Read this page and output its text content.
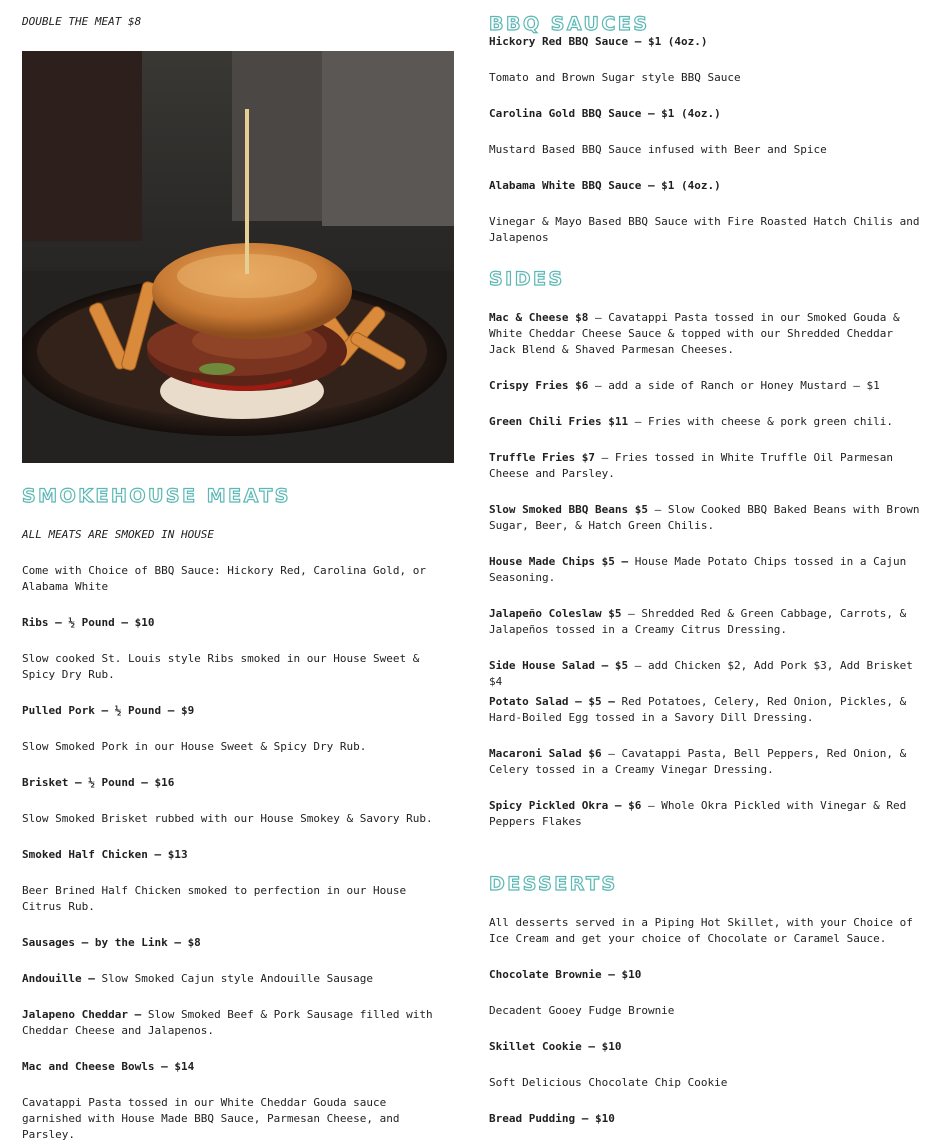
DOUBLE THE MEAT $8

SMOKEHOUSE MEATS

ALL MEATS ARE SMOKED IN HOUSE

Come with Choice of BBQ Sauce: Hickory Red, Carolina Gold, or Alabama White

Ribs – ½ Pound – $10

Slow cooked St. Louis style Ribs smoked in our House Sweet & Spicy Dry Rub.

Pulled Pork – ½ Pound – $9

Slow Smoked Pork in our House Sweet & Spicy Dry Rub.

Brisket – ½ Pound – $16

Slow Smoked Brisket rubbed with our House Smokey & Savory Rub.

Smoked Half Chicken – $13

Beer Brined Half Chicken smoked to perfection in our House Citrus Rub.

Sausages – by the Link – $8

Andouille – Slow Smoked Cajun style Andouille Sausage

Jalapeno Cheddar – Slow Smoked Beef & Pork Sausage filled with Cheddar Cheese and Jalapenos.

Mac and Cheese Bowls – $14

Cavatappi Pasta tossed in our White Cheddar Gouda sauce garnished with House Made BBQ Sauce, Parmesan Cheese, and Parsley.

BBQ SAUCES

Hickory Red BBQ Sauce – $1 (4oz.)

Tomato and Brown Sugar style BBQ Sauce

Carolina Gold BBQ Sauce – $1 (4oz.)

Mustard Based BBQ Sauce infused with Beer and Spice

Alabama White BBQ Sauce – $1 (4oz.)

Vinegar & Mayo Based BBQ Sauce with Fire Roasted Hatch Chilis and Jalapenos

SIDES

Mac & Cheese $8 – Cavatappi Pasta tossed in our Smoked Gouda & White Cheddar Cheese Sauce & topped with our Shredded Cheddar Jack Blend & Shaved Parmesan Cheeses.

Crispy Fries $6 – add a side of Ranch or Honey Mustard – $1

Green Chili Fries $11 – Fries with cheese & pork green chili.

Truffle Fries $7 – Fries tossed in White Truffle Oil Parmesan Cheese and Parsley.

Slow Smoked BBQ Beans $5 – Slow Cooked BBQ Baked Beans with Brown Sugar, Beer, & Hatch Green Chilis.

House Made Chips $5 – House Made Potato Chips tossed in a Cajun Seasoning.

Jalapeño Coleslaw $5 – Shredded Red & Green Cabbage, Carrots, & Jalapeños tossed in a Creamy Citrus Dressing.

Side House Salad – $5 – add Chicken $2, Add Pork $3, Add Brisket $4

Potato Salad – $5 – Red Potatoes, Celery, Red Onion, Pickles, & Hard-Boiled Egg tossed in a Savory Dill Dressing.

Macaroni Salad $6 – Cavatappi Pasta, Bell Peppers, Red Onion, & Celery tossed in a Creamy Vinegar Dressing.

Spicy Pickled Okra – $6 – Whole Okra Pickled with Vinegar & Red Peppers Flakes

DESSERTS

All desserts served in a Piping Hot Skillet, with your Choice of Ice Cream and get your choice of Chocolate or Caramel Sauce.

Chocolate Brownie – $10

Decadent Gooey Fudge Brownie

Skillet Cookie – $10

Soft Delicious Chocolate Chip Cookie

Bread Pudding – $10
